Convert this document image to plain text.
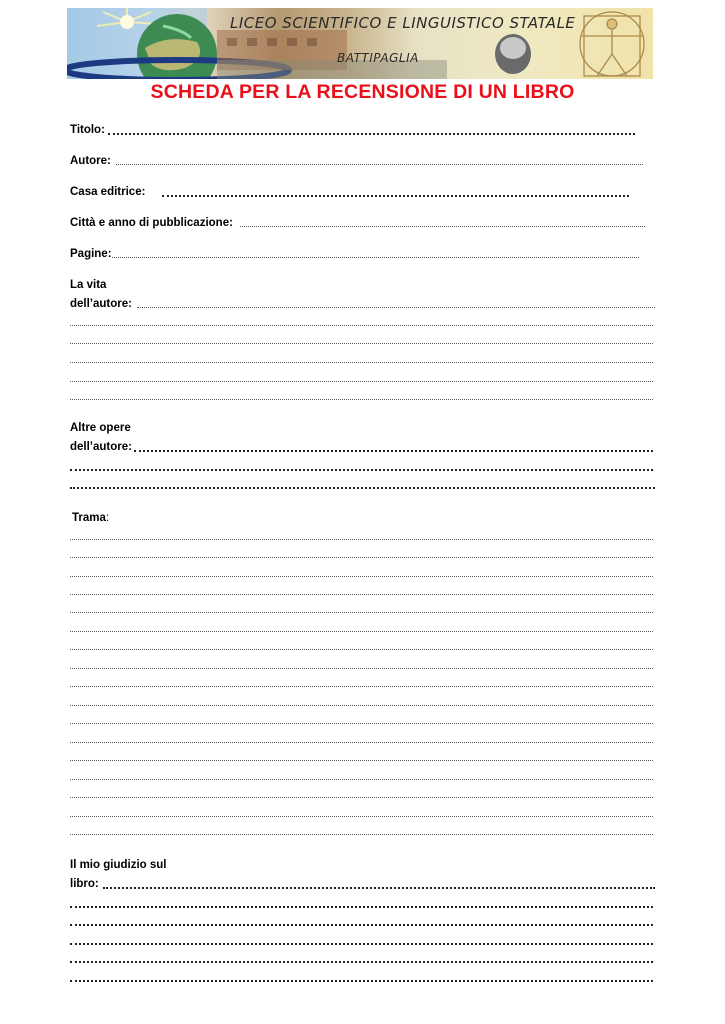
LICEO SCIENTIFICO E LINGUISTICO STATALE
BATTIPAGLIA
SCHEDA PER LA RECENSIONE DI UN LIBRO
Titolo:
Autore:
Casa editrice:
Città e anno di pubblicazione:
Pagine:
La vita
dell’autore:
Altre opere
dell’autore:
Trama:
Il mio giudizio sul
libro:
